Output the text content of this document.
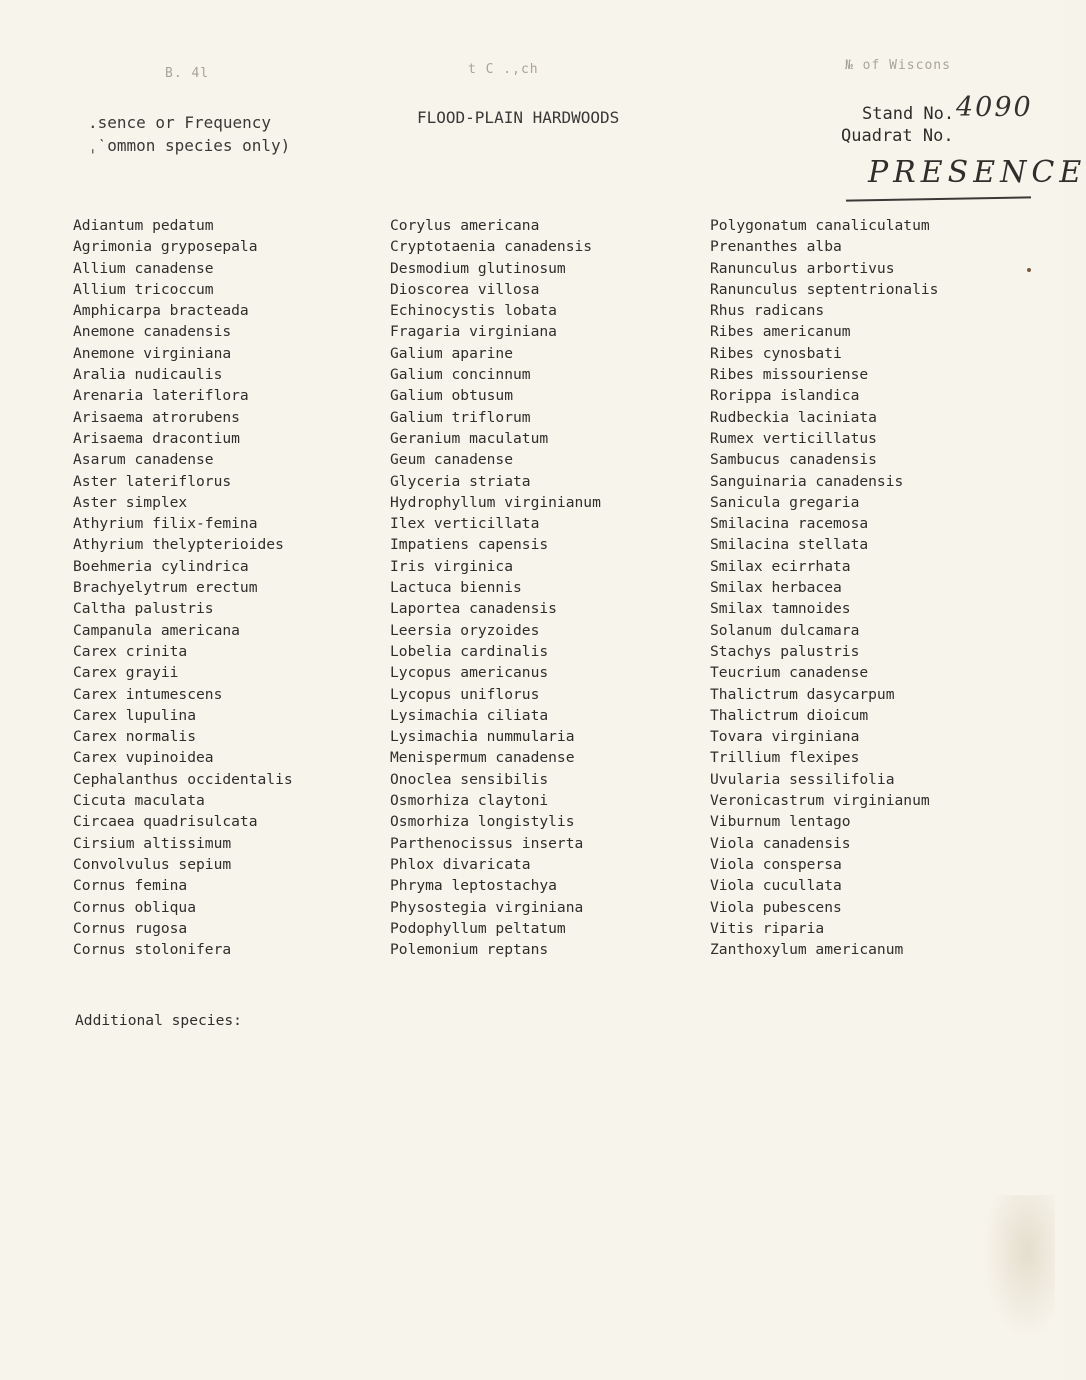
В. 4l	t C .,ch	№ of Wiscons
.sence or Frequency
ˌˋommon species only)
FLOOD-PLAIN HARDWOODS	Stand No. 4090
Quadrat No.
PRESENCE
Adiantum pedatum
Agrimonia gryposepala
Allium canadense
Allium tricoccum
Amphicarpa bracteada
Anemone canadensis
Anemone virginiana
Aralia nudicaulis
Arenaria lateriflora
Arisaema atrorubens
Arisaema dracontium
Asarum canadense
Aster lateriflorus
Aster simplex
Athyrium filix-femina
Athyrium thelypterioides
Boehmeria cylindrica
Brachyelytrum erectum
Caltha palustris
Campanula americana
Carex crinita
Carex grayii
Carex intumescens
Carex lupulina
Carex normalis
Carex vupinoidea
Cephalanthus occidentalis
Cicuta maculata
Circaea quadrisulcata
Cirsium altissimum
Convolvulus sepium
Cornus femina
Cornus obliqua
Cornus rugosa
Cornus stolonifera
Corylus americana
Cryptotaenia canadensis
Desmodium glutinosum
Dioscorea villosa
Echinocystis lobata
Fragaria virginiana
Galium aparine
Galium concinnum
Galium obtusum
Galium triflorum
Geranium maculatum
Geum canadense
Glyceria striata
Hydrophyllum virginianum
Ilex verticillata
Impatiens capensis
Iris virginica
Lactuca biennis
Laportea canadensis
Leersia oryzoides
Lobelia cardinalis
Lycopus americanus
Lycopus uniflorus
Lysimachia ciliata
Lysimachia nummularia
Menispermum canadense
Onoclea sensibilis
Osmorhiza claytoni
Osmorhiza longistylis
Parthenocissus inserta
Phlox divaricata
Phryma leptostachya
Physostegia virginiana
Podophyllum peltatum
Polemonium reptans
Polygonatum canaliculatum
Prenanthes alba
Ranunculus arbortivus
Ranunculus septentrionalis
Rhus radicans
Ribes americanum
Ribes cynosbati
Ribes missouriense
Rorippa islandica
Rudbeckia laciniata
Rumex verticillatus
Sambucus canadensis
Sanguinaria canadensis
Sanicula gregaria
Smilacina racemosa
Smilacina stellata
Smilax ecirrhata
Smilax herbacea
Smilax tamnoides
Solanum dulcamara
Stachys palustris
Teucrium canadense
Thalictrum dasycarpum
Thalictrum dioicum
Tovara virginiana
Trillium flexipes
Uvularia sessilifolia
Veronicastrum virginianum
Viburnum lentago
Viola canadensis
Viola conspersa
Viola cucullata
Viola pubescens
Vitis riparia
Zanthoxylum americanum
Additional species:
